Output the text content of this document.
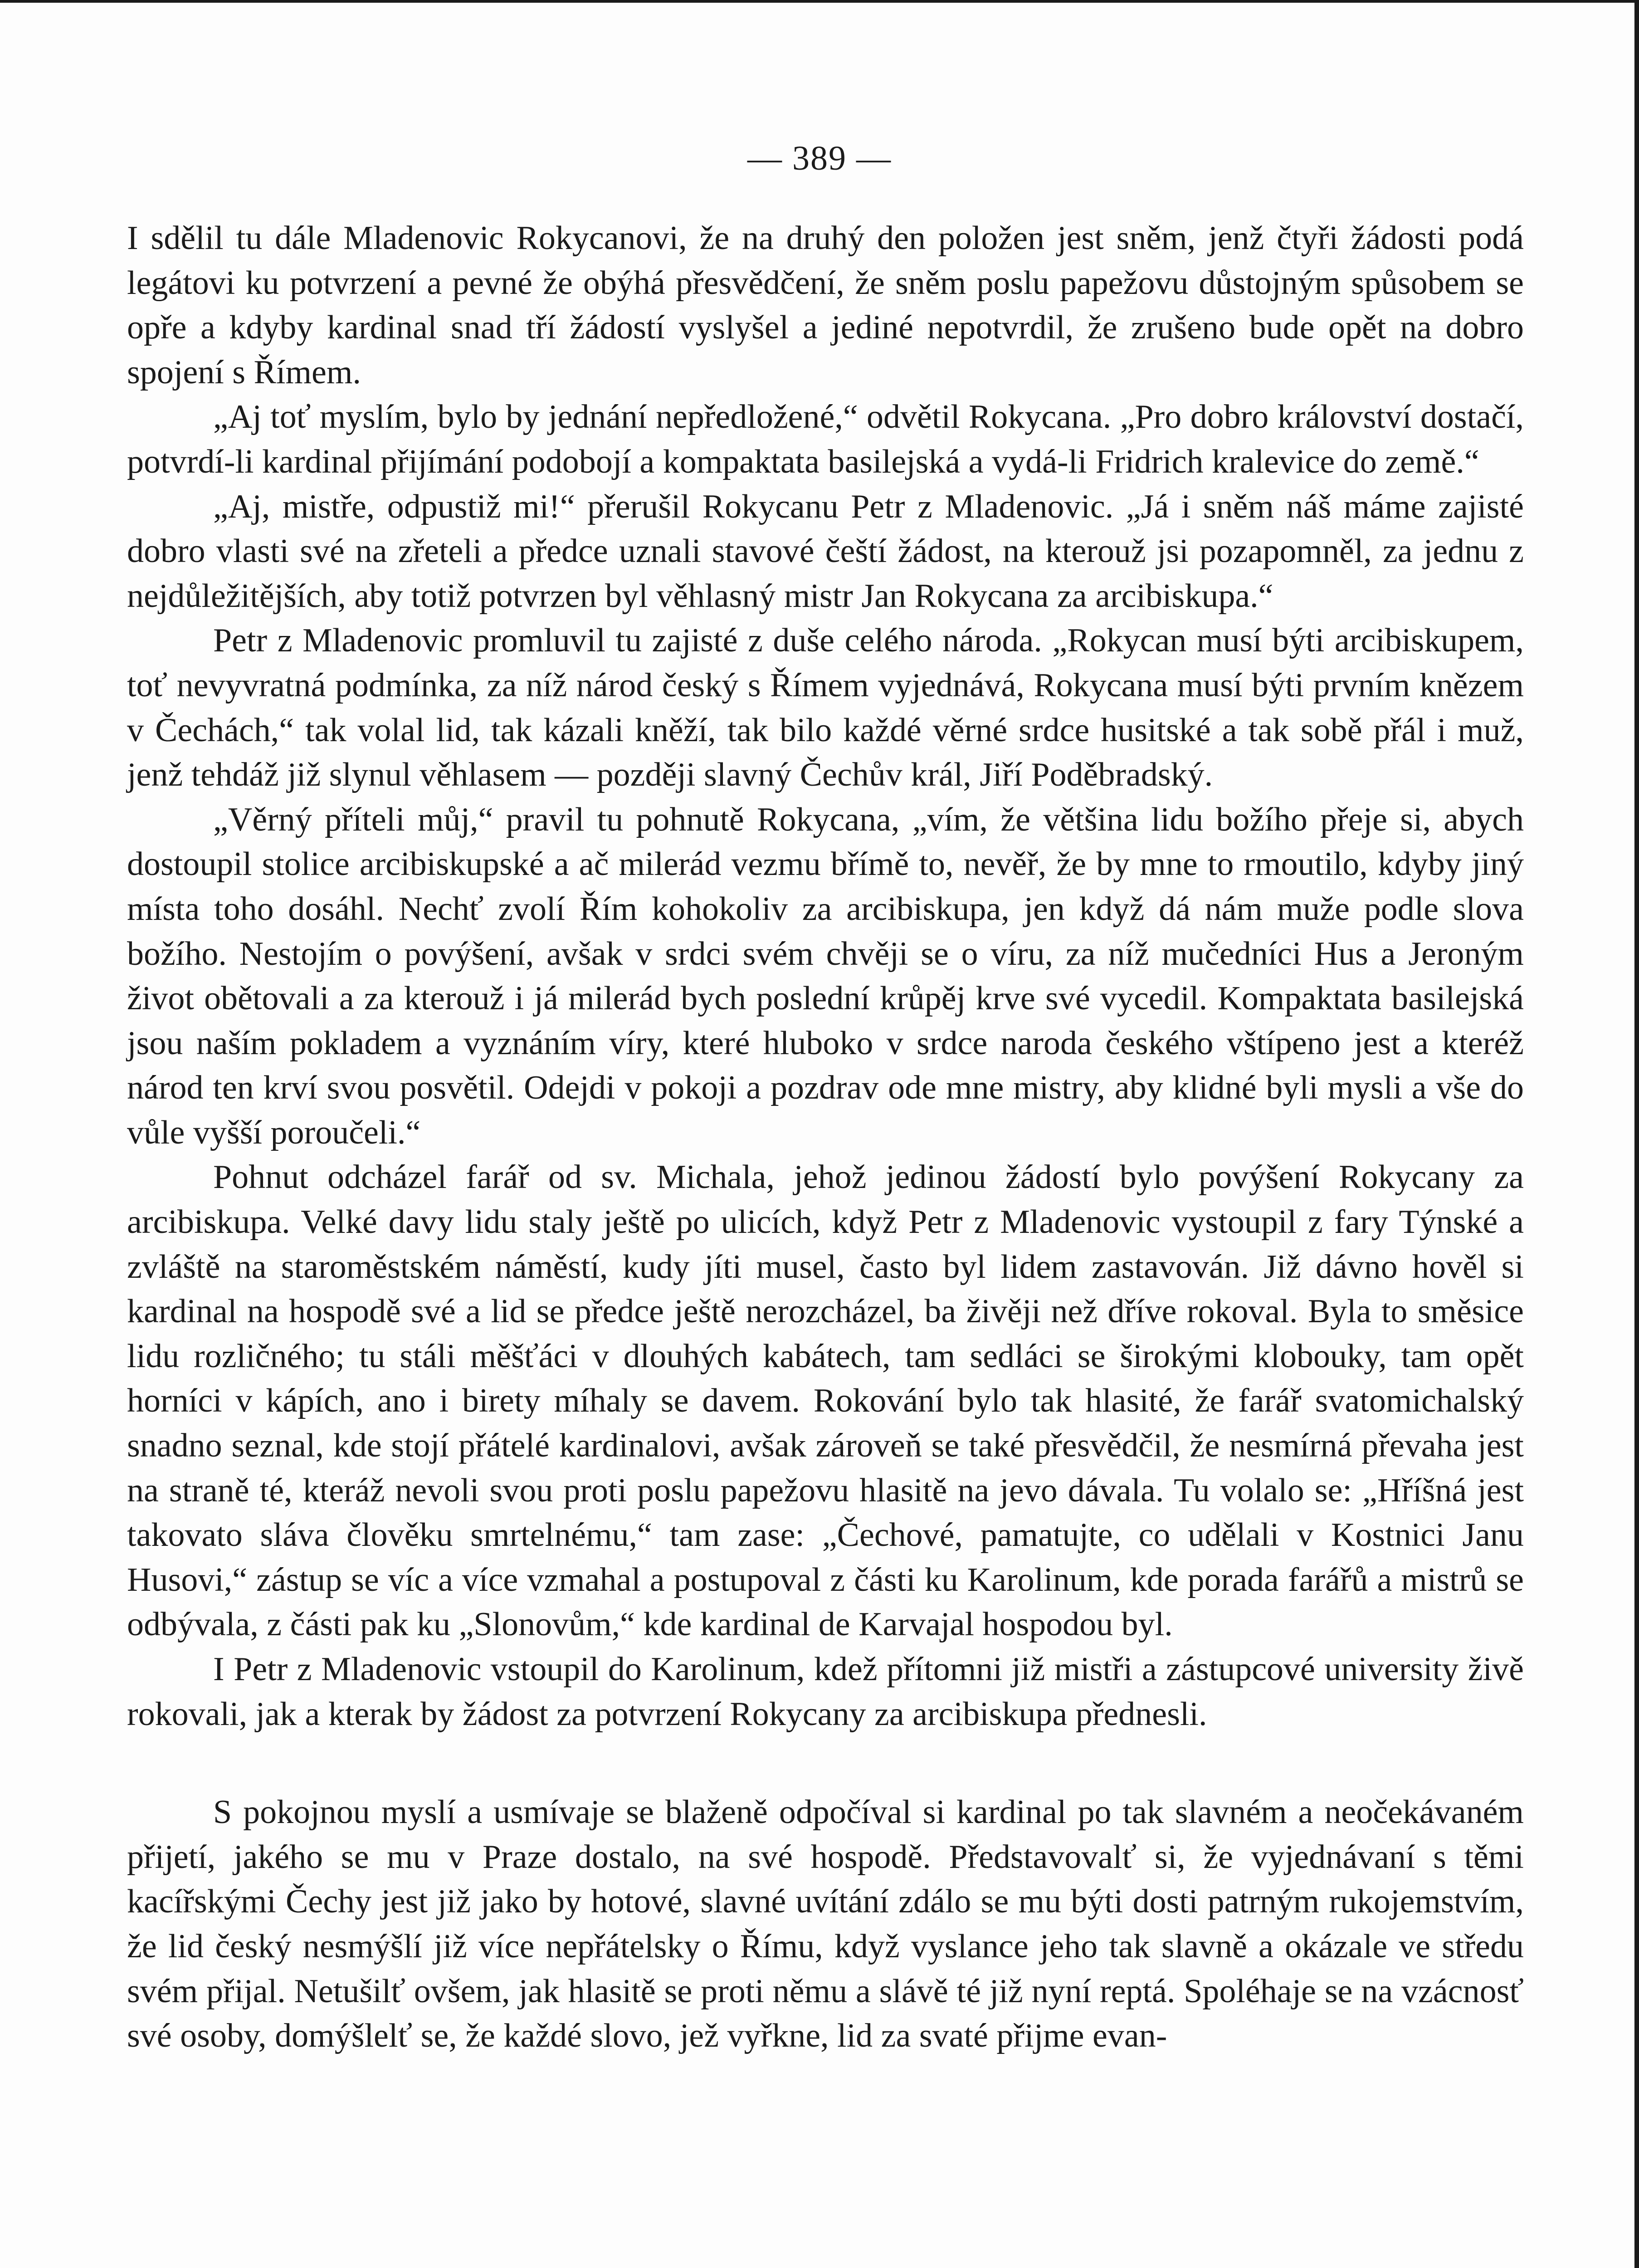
— 389 —

I sdělil tu dále Mladenovic Rokycanovi, že na druhý den položen jest sněm, jenž čtyři žádosti podá legátovi ku potvrzení a pevné že obýhá přesvědčení, že sněm poslu papežovu důstojným spůsobem se opře a kdyby kardinal snad tří žádostí vyslyšel a jediné nepotvrdil, že zrušeno bude opět na dobro spojení s Římem.

„Aj toť myslím, bylo by jednání nepředložené,“ odvětil Rokycana. „Pro dobro království dostačí, potvrdí-li kardinal přijímání podobojí a kompaktata basilejská a vydá-li Fridrich kralevice do země.“

„Aj, mistře, odpustiž mi!“ přerušil Rokycanu Petr z Mladenovic. „Já i sněm náš máme zajisté dobro vlasti své na zřeteli a předce uznali stavové čeští žádost, na kterouž jsi pozapomněl, za jednu z nejdůležitějších, aby totiž potvrzen byl věhlasný mistr Jan Rokycana za arcibiskupa.“

Petr z Mladenovic promluvil tu zajisté z duše celého národa. „Rokycan musí býti arcibiskupem, toť nevyvratná podmínka, za níž národ český s Římem vyjednává, Rokycana musí býti prvním knězem v Čechách,“ tak volal lid, tak kázali kněží, tak bilo každé věrné srdce husitské a tak sobě přál i muž, jenž tehdáž již slynul věhlasem — později slavný Čechův král, Jiří Poděbradský.

„Věrný příteli můj,“ pravil tu pohnutě Rokycana, „vím, že většina lidu božího přeje si, abych dostoupil stolice arcibiskupské a ač milerád vezmu břímě to, nevěř, že by mne to rmoutilo, kdyby jiný místa toho dosáhl. Nechť zvolí Řím kohokoliv za arcibiskupa, jen když dá nám muže podle slova božího. Nestojím o povýšení, avšak v srdci svém chvěji se o víru, za níž mučedníci Hus a Jeroným život obětovali a za kterouž i já milerád bych poslední krůpěj krve své vycedil. Kompaktata basilejská jsou naším pokladem a vyznáním víry, které hluboko v srdce naroda českého vštípeno jest a kteréž národ ten krví svou posvětil. Odejdi v pokoji a pozdrav ode mne mistry, aby klidné byli mysli a vše do vůle vyšší poroučeli.“

Pohnut odcházel farář od sv. Michala, jehož jedinou žádostí bylo povýšení Rokycany za arcibiskupa. Velké davy lidu staly ještě po ulicích, když Petr z Mladenovic vystoupil z fary Týnské a zvláště na staroměstském náměstí, kudy jíti musel, často byl lidem zastavován. Již dávno hověl si kardinal na hospodě své a lid se předce ještě nerozcházel, ba živěji než dříve rokoval. Byla to směsice lidu rozličného; tu stáli měšťáci v dlouhých kabátech, tam sedláci se širokými klobouky, tam opět horníci v kápích, ano i birety míhaly se davem. Rokování bylo tak hlasité, že farář svatomichalský snadno seznal, kde stojí přátelé kardinalovi, avšak zároveň se také přesvědčil, že nesmírná převaha jest na straně té, kteráž nevoli svou proti poslu papežovu hlasitě na jevo dávala. Tu volalo se: „Hříšná jest takovato sláva člověku smrtelnému,“ tam zase: „Čechové, pamatujte, co udělali v Kostnici Janu Husovi,“ zástup se víc a více vzmahal a postupoval z části ku Karolinum, kde porada farářů a mistrů se odbývala, z části pak ku „Slonovům,“ kde kardinal de Karvajal hospodou byl.

I Petr z Mladenovic vstoupil do Karolinum, kdež přítomni již mistři a zástupcové university živě rokovali, jak a kterak by žádost za potvrzení Rokycany za arcibiskupa přednesli.

S pokojnou myslí a usmívaje se blaženě odpočíval si kardinal po tak slavném a neočekávaném přijetí, jakého se mu v Praze dostalo, na své hospodě. Představovalť si, že vyjednávaní s těmi kacířskými Čechy jest již jako by hotové, slavné uvítání zdálo se mu býti dosti patrným rukojemstvím, že lid český nesmýšlí již více nepřátelsky o Římu, když vyslance jeho tak slavně a okázale ve středu svém přijal. Netušilť ovšem, jak hlasitě se proti němu a slávě té již nyní reptá. Spoléhaje se na vzácnosť své osoby, domýšlelť se, že každé slovo, jež vyřkne, lid za svaté přijme evan-
